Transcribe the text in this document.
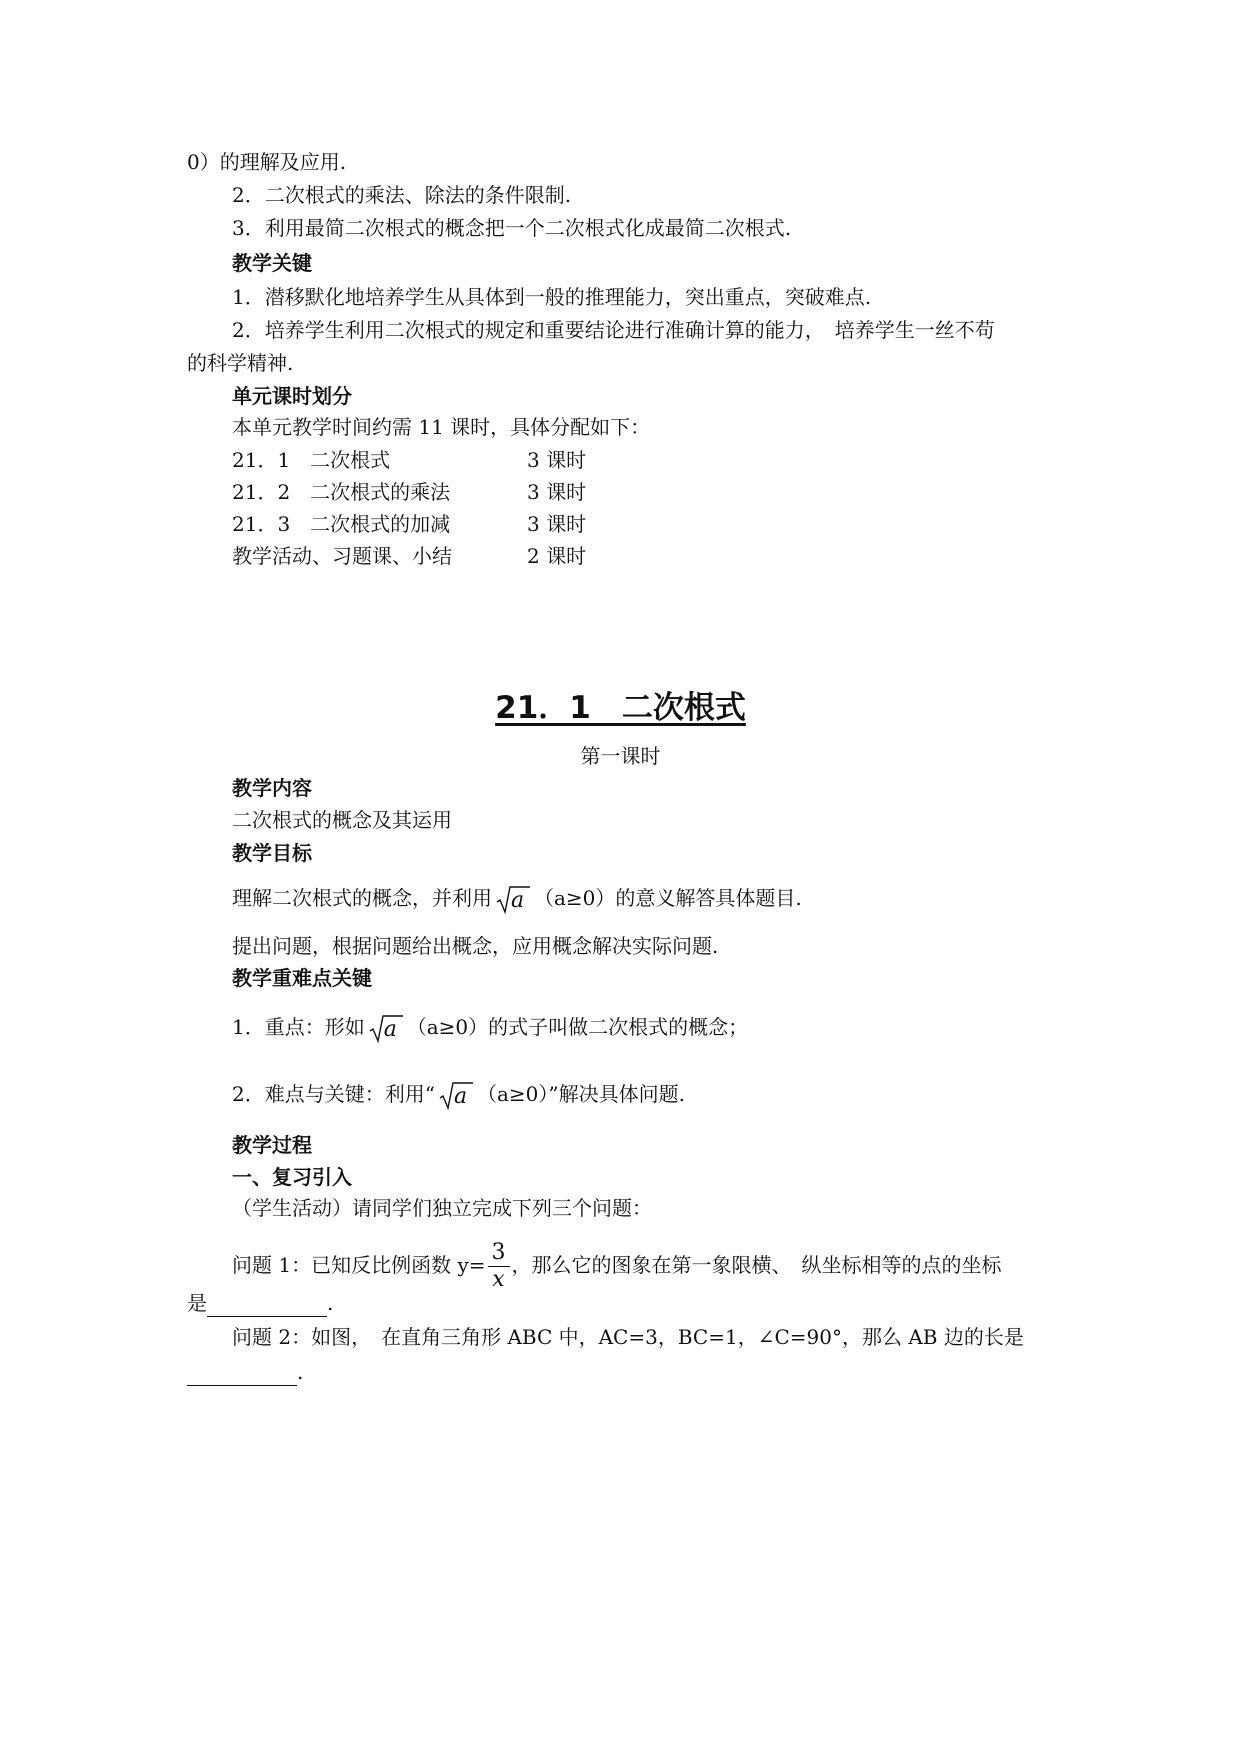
0）的理解及应用.
2．二次根式的乘法、除法的条件限制.
3．利用最简二次根式的概念把一个二次根式化成最简二次根式.
教学关键
1．潜移默化地培养学生从具体到一般的推理能力，突出重点，突破难点.
2．培养学生利用二次根式的规定和重要结论进行准确计算的能力，　培养学生一丝不苟
的科学精神.
单元课时划分
本单元教学时间约需 11 课时，具体分配如下：
21．1　二次根式	3 课时
21．2　二次根式的乘法	3 课时
21．3　二次根式的加减	3 课时
教学活动、习题课、小结	2 课时
21．1　二次根式
第一课时
教学内容
二次根式的概念及其运用
教学目标
理解二次根式的概念，并利用 a （a≥0）的意义解答具体题目.
提出问题，根据问题给出概念，应用概念解决实际问题.
教学重难点关键
1．重点：形如 a （a≥0）的式子叫做二次根式的概念；
2．难点与关键：利用“ a （a≥0）”解决具体问题.
教学过程
一、复习引入
（学生活动）请同学们独立完成下列三个问题：
问题 1：已知反比例函数 $y= \frac{3}{x}$ ，那么它的图象在第一象限横、　纵坐标相等的点的坐标
是	.
问题 2：如图，　在直角三角形 ABC 中，AC=3，BC=1，∠C=90°，那么 AB 边的长是
.
